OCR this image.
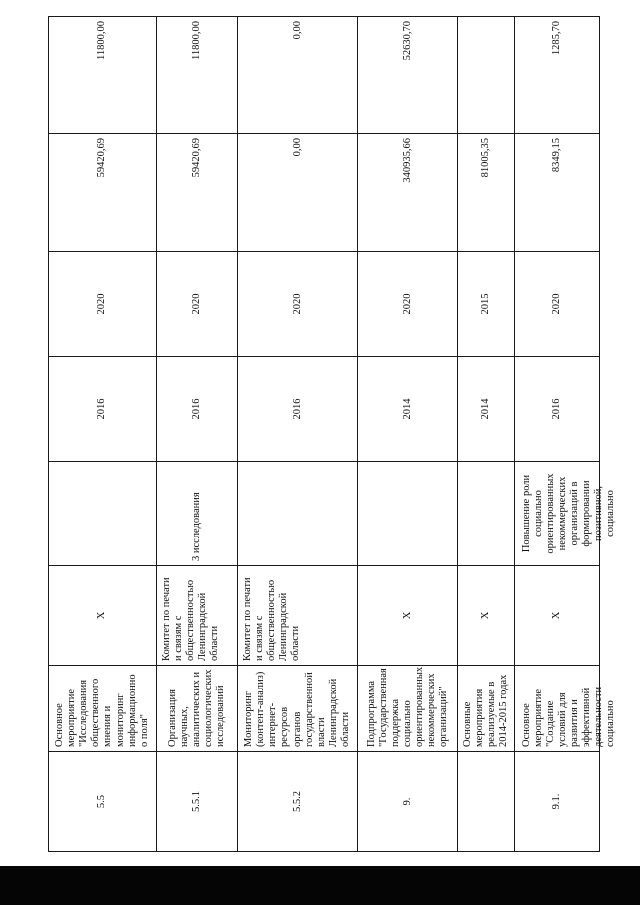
5.5	Основное мероприятие "Исследования общественного мнения и мониторинг информационно о поля"	Х		2016	2020	59420,69	11800,00
5.5.1	Организация научных, аналитических и социологических исследований	Комитет по печати и связям с общественностью Ленинградской области	3 исследования	2016	2020	59420,69	11800,00
5.5.2	Мониторинг (контент-анализ) интернет-ресурсов органов государственной власти Ленинградской области	Комитет по печати и связям с общественностью Ленинградской области		2016	2020	0,00	0,00
9.	Подпрограмма "Государственная поддержка социально ориентированных некоммерческих организаций"	Х		2014	2020	340935,66	52630,70

	Основные мероприятия реализуемые в 2014-2015 годах	Х		2014	2015	81005,35	
9.1.	Основное мероприятие "Создание условий для развития и эффективной деятельности социально	Х	Повышение роли социально ориентированных некоммерческих организаций в формировании позитивной, социально	2016	2020	8349,15	1285,70
